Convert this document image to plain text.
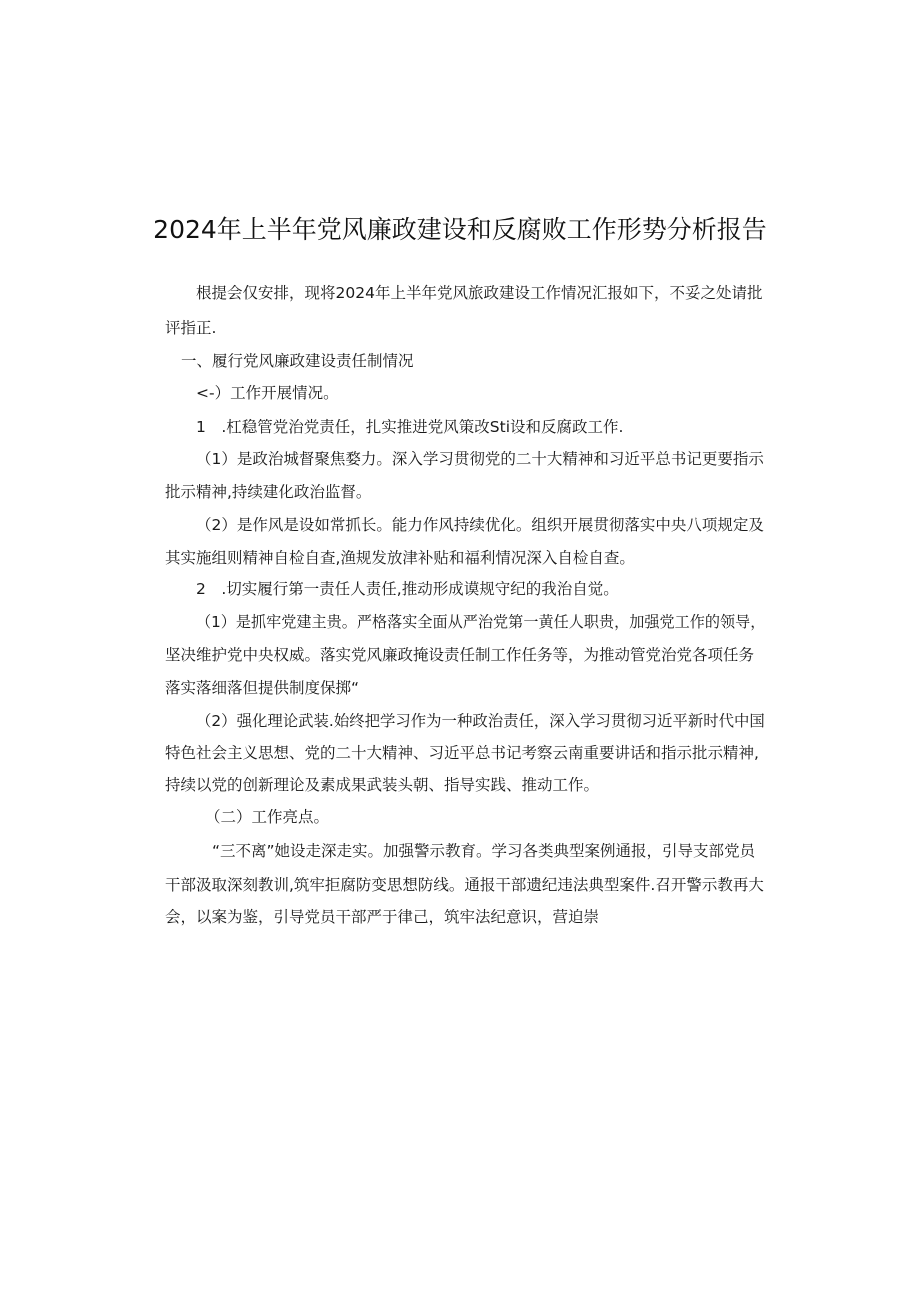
2024年上半年党风廉政建设和反腐败工作形势分析报告

根提会仅安排，现将2024年上半年党风旅政建设工作情况汇报如下，不妥之处请批

评指正.

一、履行党风廉政建设责任制情况

<-）工作开展情况。

1　.杠稳管党治党责任，扎实推进党风策改Sti设和反腐政工作.

（1）是政治城督聚焦婺力。深入学习贯彻党的二十大精神和习近平总书记更要指示

批示精神,持续建化政治监督。

（2）是作风是设如常抓长。能力作风持续优化。组织开展贯彻落实中央八项规定及

其实施组则精神自检自查,渔规发放津补贴和福利情况深入自检自查。

2　.切实履行第一责任人责任,推动形成谟规守纪的我治自觉。

（1）是抓牢党建主贵。严格落实全面从严治党第一黄任人职贵，加强党工作的领导，

坚决维护党中央权威。落实党风廉政掩设责任制工作任务等，为推动管党治党各项任务

落实落细落但提供制度保掷“

（2）强化理论武装.始终把学习作为一种政治责任，深入学习贯彻习近平新时代中国

特色社会主义思想、党的二十大精神、习近平总书记考察云南重要讲话和指示批示精神,

持续以党的创新理论及素成果武装头朝、指导实践、推动工作。

（二）工作亮点。

“三不离”她设走深走实。加强警示教育。学习各类典型案例通报，引导支部党员

干部汲取深刻教训,筑牢拒腐防变思想防线。通报干部遗纪违法典型案件.召开警示教再大

会，以案为鉴，引导党员干部严于律己，筑牢法纪意识，营迫崇
